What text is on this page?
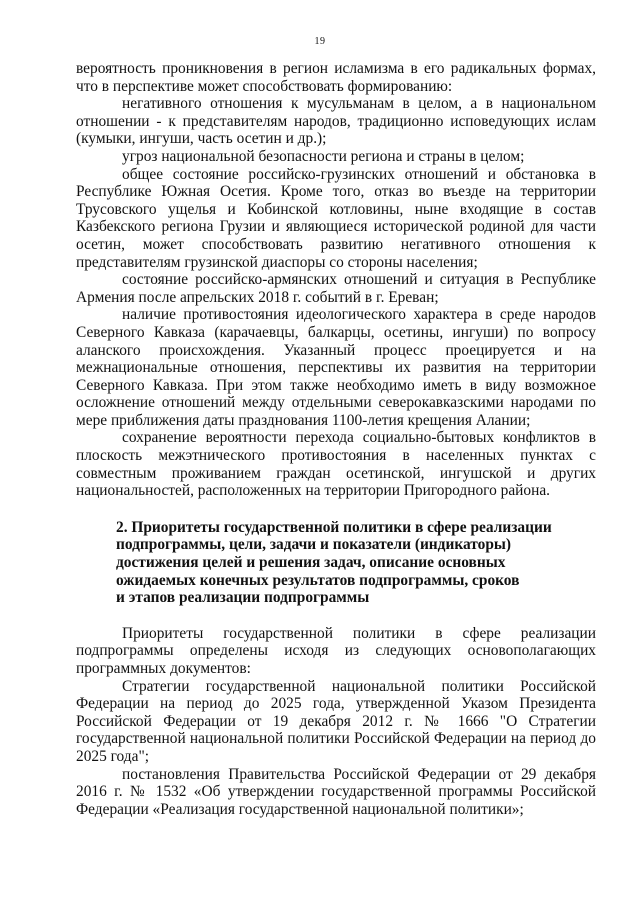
19

вероятность проникновения в регион исламизма в его радикальных формах, что в перспективе может способствовать формированию:

негативного отношения к мусульманам в целом, а в национальном отношении - к представителям народов, традиционно исповедующих ислам (кумыки, ингуши, часть осетин и др.);

угроз национальной безопасности региона и страны в целом;

общее состояние российско-грузинских отношений и обстановка в Республике Южная Осетия. Кроме того, отказ во въезде на территории Трусовского ущелья и Кобинской котловины, ныне входящие в состав Казбекского региона Грузии и являющиеся исторической родиной для части осетин, может способствовать развитию негативного отношения к представителям грузинской диаспоры со стороны населения;

состояние российско-армянских отношений и ситуация в Республике Армения после апрельских 2018 г. событий в г. Ереван;

наличие противостояния идеологического характера в среде народов Северного Кавказа (карачаевцы, балкарцы, осетины, ингуши) по вопросу аланского происхождения. Указанный процесс проецируется и на межнациональные отношения, перспективы их развития на территории Северного Кавказа. При этом также необходимо иметь в виду возможное осложнение отношений между отдельными северокавказскими народами по мере приближения даты празднования 1100-летия крещения Алании;

сохранение вероятности перехода социально-бытовых конфликтов в плоскость межэтнического противостояния в населенных пунктах с совместным проживанием граждан осетинской, ингушской и других национальностей, расположенных на территории Пригородного района.

2. Приоритеты государственной политики в сфере реализации

подпрограммы, цели, задачи и показатели (индикаторы)

достижения целей и решения задач, описание основных

ожидаемых конечных результатов подпрограммы, сроков

и этапов реализации подпрограммы

Приоритеты государственной политики в сфере реализации подпрограммы определены исходя из следующих основополагающих программных документов:

Стратегии государственной национальной политики Российской Федерации на период до 2025 года, утвержденной Указом Президента Российской Федерации от 19 декабря 2012 г. № 1666 "О Стратегии государственной национальной политики Российской Федерации на период до 2025 года";

постановления Правительства Российской Федерации от 29 декабря 2016 г. № 1532 «Об утверждении государственной программы Российской Федерации «Реализация государственной национальной политики»;
